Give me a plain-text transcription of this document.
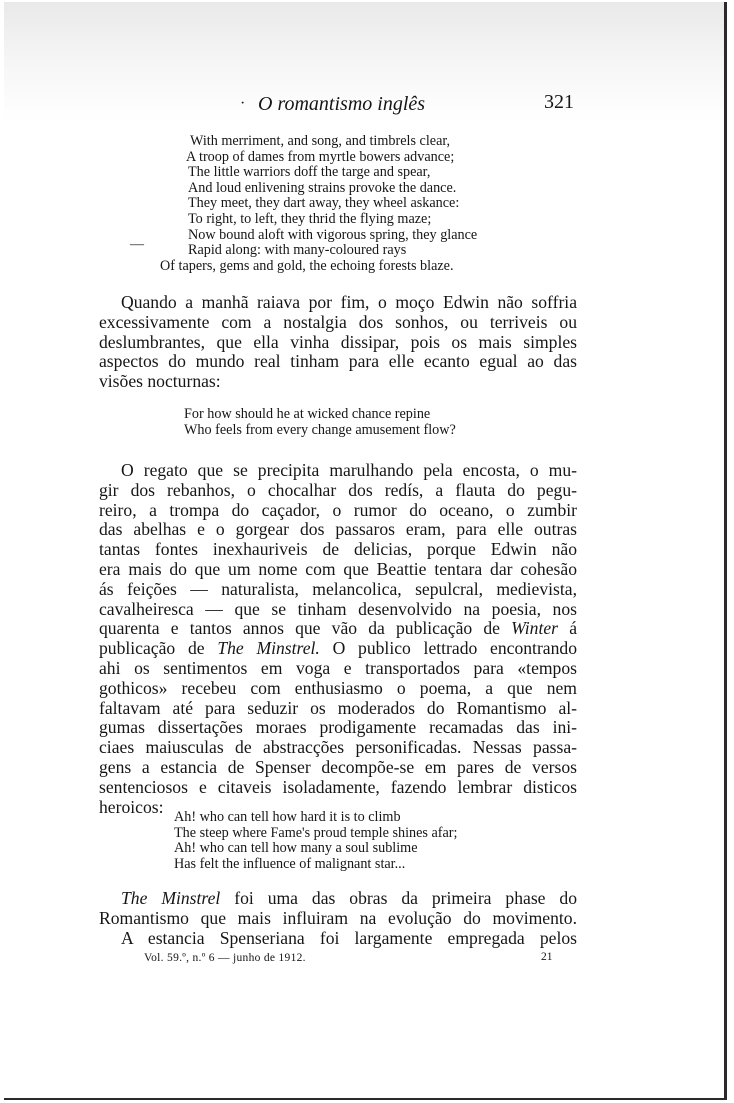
· O romantismo inglês	321
—
With merriment, and song, and timbrels clear,
A troop of dames from myrtle bowers advance;
The little warriors doff the targe and spear,
And loud enlivening strains provoke the dance.
They meet, they dart away, they wheel askance:
To right, to left, they thrid the flying maze;
Now bound aloft with vigorous spring, they glance
Rapid along: with many-coloured rays
Of tapers, gems and gold, the echoing forests blaze.
Quando a manhã raiava por fim, o moço Edwin não soffria
excessivamente com a nostalgia dos sonhos, ou terriveis ou
deslumbrantes, que ella vinha dissipar, pois os mais simples
aspectos do mundo real tinham para elle ecanto egual ao das
visões nocturnas:
For how should he at wicked chance repine
Who feels from every change amusement flow?
O regato que se precipita marulhando pela encosta, o mu-
gir dos rebanhos, o chocalhar dos redís, a flauta do pegu-
reiro, a trompa do caçador, o rumor do oceano, o zumbir
das abelhas e o gorgear dos passaros eram, para elle outras
tantas fontes inexhauriveis de delicias, porque Edwin não
era mais do que um nome com que Beattie tentara dar cohesão
ás feições — naturalista, melancolica, sepulcral, medievista,
cavalheiresca — que se tinham desenvolvido na poesia, nos
quarenta e tantos annos que vão da publicação de Winter á
publicação de The Minstrel. O publico lettrado encontrando
ahi os sentimentos em voga e transportados para «tempos
gothicos» recebeu com enthusiasmo o poema, a que nem
faltavam até para seduzir os moderados do Romantismo al-
gumas dissertações moraes prodigamente recamadas das ini-
ciaes maiusculas de abstracções personificadas. Nessas passa-
gens a estancia de Spenser decompõe-se em pares de versos
sentenciosos e citaveis isoladamente, fazendo lembrar disticos
heroicos:
Ah! who can tell how hard it is to climb
The steep where Fame's proud temple shines afar;
Ah! who can tell how many a soul sublime
Has felt the influence of malignant star...
The Minstrel foi uma das obras da primeira phase do
Romantismo que mais influiram na evolução do movimento.
A estancia Spenseriana foi largamente empregada pelos
Vol. 59.º, n.º 6 — junho de 1912.	21
